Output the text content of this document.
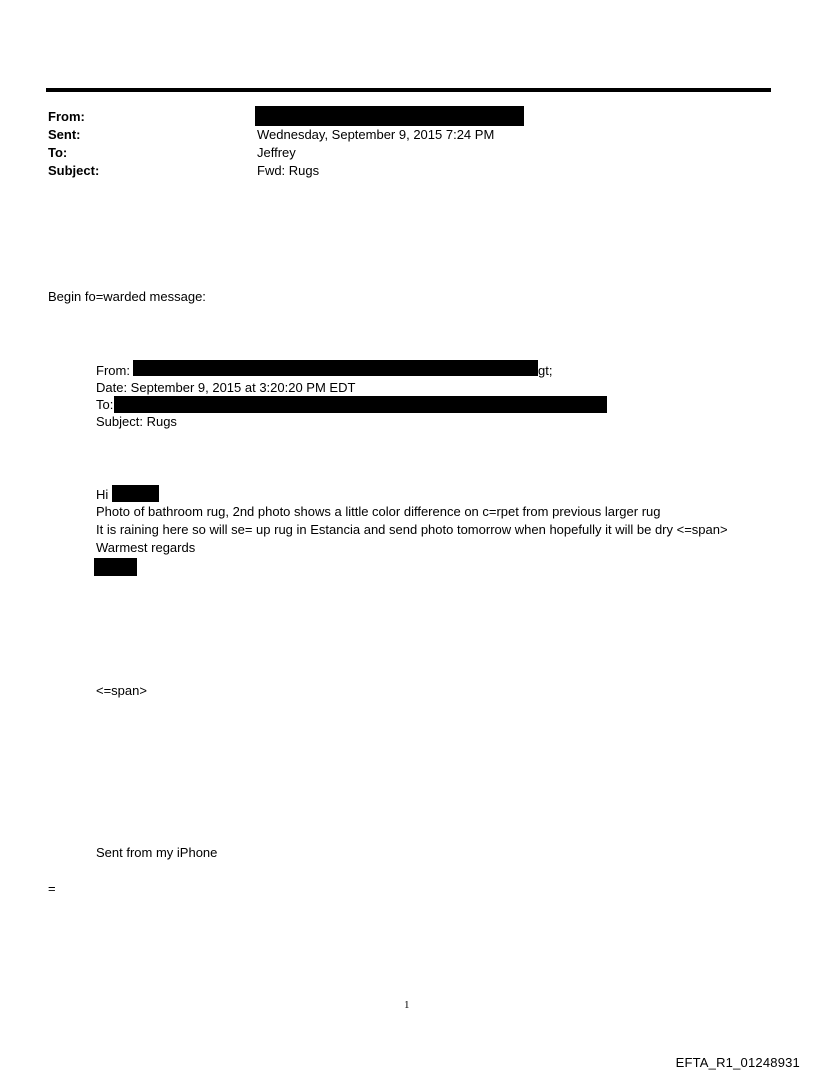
From:
Sent:	Wednesday, September 9, 2015 7:24 PM
To:	Jeffrey
Subject:	Fwd: Rugs
Begin fo=warded message:
From:	gt;
Date: September 9, 2015 at 3:20:20 PM EDT
To:
Subject: Rugs
Hi
Photo of bathroom rug, 2nd photo shows a little color difference on c=rpet from previous larger rug
It is raining here so will se= up rug in Estancia and send photo tomorrow when hopefully it will be dry <=span>
Warmest regards
<=span>
Sent from my iPhone
=
1
EFTA_R1_01248931
